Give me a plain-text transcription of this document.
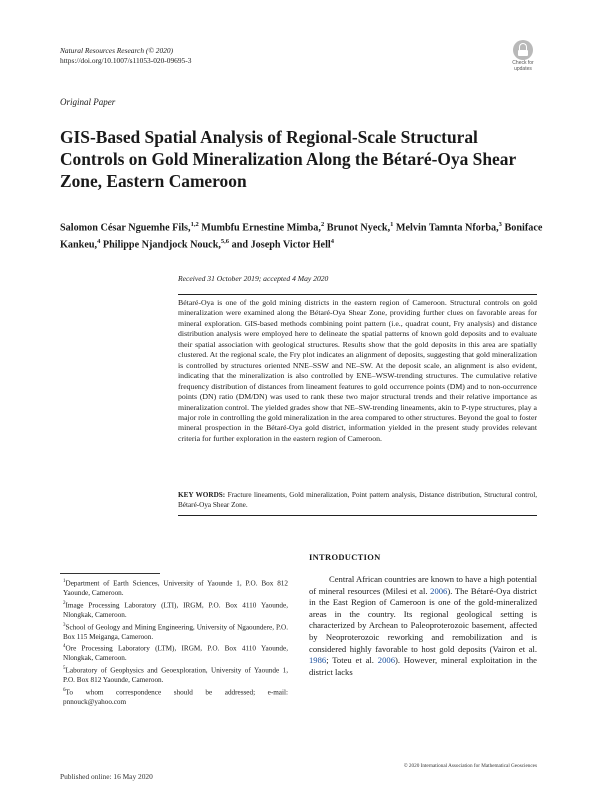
Natural Resources Research (© 2020)
https://doi.org/10.1007/s11053-020-09695-3	Check for
updates
Original Paper
GIS-Based Spatial Analysis of Regional-Scale Structural Controls on Gold Mineralization Along the Bétaré-Oya Shear Zone, Eastern Cameroon
Salomon César Nguemhe Fils,$^{1,2}$ Mumbfu Ernestine Mimba,$^2$ Brunot Nyeck,$^1$ Melvin Tamnta Nforba,$^3$ Boniface Kankeu,$^4$ Philippe Njandjock Nouck,$^{5,6}$ and Joseph Victor Hell$^4$
Received 31 October 2019; accepted 4 May 2020
Bétaré-Oya is one of the gold mining districts in the eastern region of Cameroon. Structural controls on gold mineralization were examined along the Bétaré-Oya Shear Zone, providing further clues on favorable areas for mineral exploration. GIS-based methods combining point pattern (i.e., quadrat count, Fry analysis) and distance distribution analysis were employed here to delineate the spatial patterns of known gold deposits and to evaluate their spatial association with geological structures. Results show that the gold deposits in this area are spatially clustered. At the regional scale, the Fry plot indicates an alignment of deposits, suggesting that gold mineralization is controlled by structures oriented NNE–SSW and NE–SW. At the deposit scale, an alignment is also evident, indicating that the mineralization is also controlled by ENE–WSW-trending structures. The cumulative relative frequency distribution of distances from lineament features to gold occurrence points (DM) and to non-occurrence points (DN) ratio (DM/DN) was used to rank these two major structural trends and their relative importance as mineralization control. The yielded grades show that NE–SW-trending lineaments, akin to P-type structures, play a major role in controlling the gold mineralization in the area compared to other structures. Beyond the goal to foster mineral prospection in the Bétaré-Oya gold district, information yielded in the present study provides relevant criteria for further exploration in the eastern region of Cameroon.
KEY WORDS: Fracture lineaments, Gold mineralization, Point pattern analysis, Distance distribution, Structural control, Bétaré-Oya Shear Zone.
INTRODUCTION
Central African countries are known to have a high potential of mineral resources (Milesi et al. 2006). The Bétaré-Oya district in the East Region of Cameroon is one of the gold-mineralized areas in the country. Its regional geological setting is characterized by Archean to Paleoproterozoic basement, affected by Neoproterozoic reworking and remobilization and is considered highly favorable to host gold deposits (Vairon et al. 1986; Toteu et al. 2006). However, mineral exploitation in the district lacks

$^1$Department of Earth Sciences, University of Yaounde 1, P.O. Box 812 Yaounde, Cameroon.

$^2$Image Processing Laboratory (LTI), IRGM, P.O. Box 4110 Yaounde, Nlongkak, Cameroon.

$^3$School of Geology and Mining Engineering, University of Ngaoundere, P.O. Box 115 Meiganga, Cameroon.

$^4$Ore Processing Laboratory (LTM), IRGM, P.O. Box 4110 Yaounde, Nlongkak, Cameroon.

$^5$Laboratory of Geophysics and Geoexploration, University of Yaounde 1, P.O. Box 812 Yaounde, Cameroon.

$^6$To whom correspondence should be addressed; e-mail: pnnouck@yahoo.com

© 2020 International Association for Mathematical Geosciences
Published online: 16 May 2020
